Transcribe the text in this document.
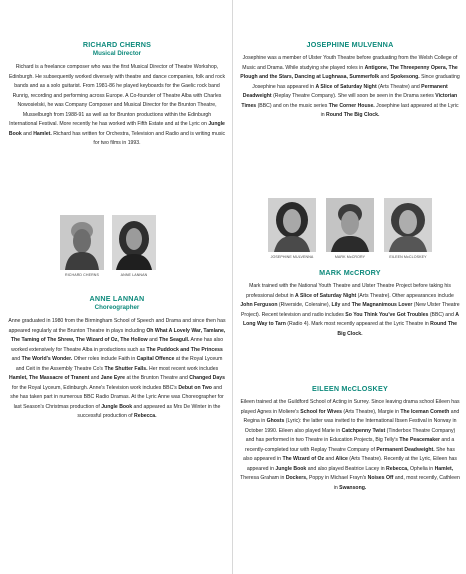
RICHARD CHERNS

Musical Director

Richard is a freelance composer who was the first Musical Director of Theatre Workshop, Edinburgh. He subsequently worked diversely with theatre and dance companies, folk and rock bands and as a solo guitarist. From 1981-86 he played keyboards for the Gaelic rock band Runrig, recording and performing across Europe. A Co-founder of Theatre Alba with Charles Nowosielski, he was Company Composer and Musical Director for the Brunton Theatre, Musselburgh from 1988-91 as well as for Brunton productions within the Edinburgh International Festival. More recently he has worked with Fifth Estate and at the Lyric on Jungle Book and Hamlet. Richard has written for Orchestra, Television and Radio and is writing music for two films in 1993.

RICHARD CHERNS	ANNE LANNAN

ANNE LANNAN

Choreographer

Anne graduated in 1980 from the Birmingham School of Speech and Drama and since then has appeared regularly at the Brunton Theatre in plays including Oh What A Lovely War, Tamlane, The Taming of The Shrew, The Wizard of Oz, The Hollow and The Seagull. Anne has also worked extensively for Theatre Alba in productions such as The Puddock and The Princess and The World's Wonder. Other roles include Faith in Capital Offence at the Royal Lyceum and Ceit in the Assembly Theatre Co's The Shutter Falls. Her most recent work includes Hamlet, The Massacre of Tranent and Jane Eyre at the Brunton Theatre and Changed Days for the Royal Lyceum, Edinburgh. Anne's Television work includes BBC's Debut on Two and she has taken part in numerous BBC Radio Dramas. At the Lyric Anne was Choreographer for last Season's Christmas production of Jungle Book and appeared as Mrs De Winter in the successful production of Rebecca.

JOSEPHINE MULVENNA

Josephine was a member of Ulster Youth Theatre before graduating from the Welsh College of Music and Drama. While studying she played roles in Antigone, The Threepenny Opera, The Plough and the Stars, Dancing at Lughnasa, Summerfolk and Spokesong. Since graduating Josephine has appeared in A Slice of Saturday Night (Arts Theatre) and Permanent Deadweight (Replay Theatre Company). She will soon be seen in the Drama series Victorian Times (BBC) and on the music series The Corner House. Josephine last appeared at the Lyric in Round The Big Clock.

JOSEPHINE MULVENNA	MARK McCRORY	EILEEN McCLOSKEY

MARK McCRORY

Mark trained with the National Youth Theatre and Ulster Theatre Project before taking his professional debut in A Slice of Saturday Night (Arts Theatre). Other appearances include John Ferguson (Riverside, Coleraine), Lily and The Magnanimous Lover (New Ulster Theatre Project). Recent television and radio includes So You Think You've Got Troubles (BBC) and A Long Way to Tarn (Radio 4). Mark most recently appeared at the Lyric Theatre in Round The Big Clock.

EILEEN McCLOSKEY

Eileen trained at the Guildford School of Acting in Surrey. Since leaving drama school Eileen has played Agnes in Moliere's School for Wives (Arts Theatre), Margie in The Iceman Cometh and Regina in Ghosts (Lyric): the latter was invited to the International Ibsen Festival in Norway in October 1990. Eileen also played Marie in Catchpenny Twist (Tinderbox Theatre Company) and has performed in two Theatre in Education Projects, Big Telly's The Peacemaker and a recently-completed tour with Replay Theatre Company of Permanent Deadweight. She has also appeared in The Wizard of Oz and Alice (Arts Theatre). Recently at the Lyric, Eileen has appeared in Jungle Book and also played Beatrice Lacey in Rebecca, Ophelia in Hamlet, Theresa Graham in Dockers, Poppy in Michael Frayn's Noises Off and, most recently, Cathleen in Swansong.
